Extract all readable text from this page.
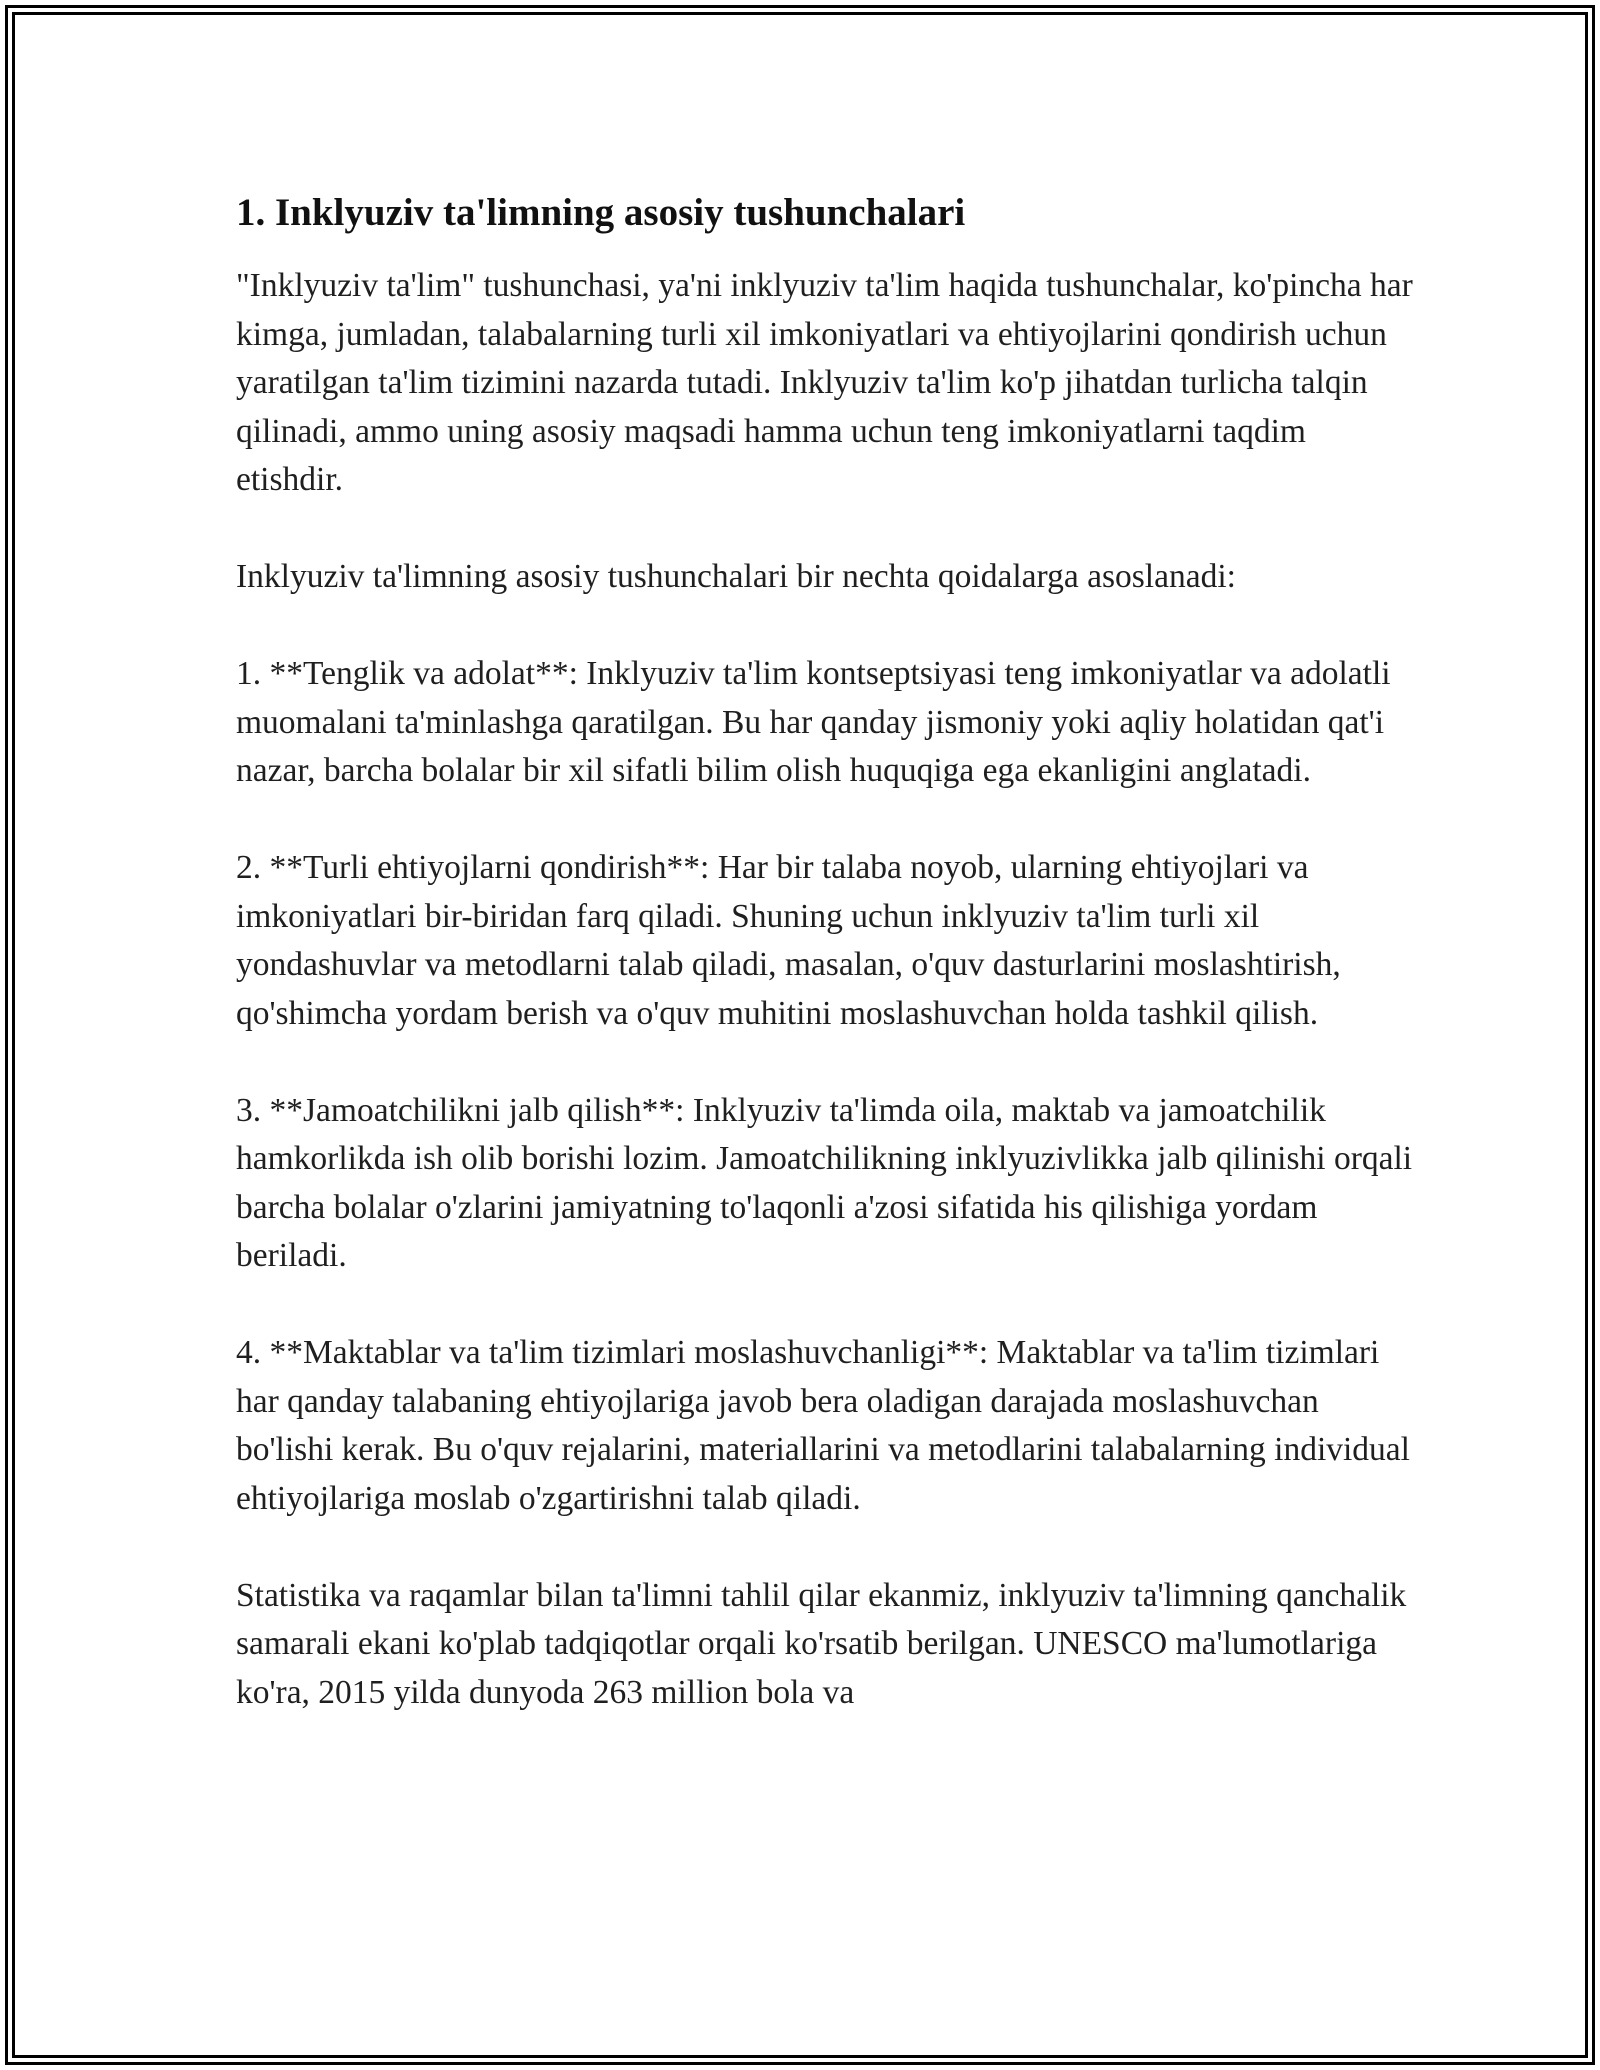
1. Inklyuziv ta'limning asosiy tushunchalari

"Inklyuziv ta'lim" tushunchasi, ya'ni inklyuziv ta'lim haqida tushunchalar, ko'pincha har kimga, jumladan, talabalarning turli xil imkoniyatlari va ehtiyojlarini qondirish uchun yaratilgan ta'lim tizimini nazarda tutadi. Inklyuziv ta'lim ko'p jihatdan turlicha talqin qilinadi, ammo uning asosiy maqsadi hamma uchun teng imkoniyatlarni taqdim etishdir.

Inklyuziv ta'limning asosiy tushunchalari bir nechta qoidalarga asoslanadi:

1. **Tenglik va adolat**: Inklyuziv ta'lim kontseptsiyasi teng imkoniyatlar va adolatli muomalani ta'minlashga qaratilgan. Bu har qanday jismoniy yoki aqliy holatidan qat'i nazar, barcha bolalar bir xil sifatli bilim olish huquqiga ega ekanligini anglatadi.

2. **Turli ehtiyojlarni qondirish**: Har bir talaba noyob, ularning ehtiyojlari va imkoniyatlari bir-biridan farq qiladi. Shuning uchun inklyuziv ta'lim turli xil yondashuvlar va metodlarni talab qiladi, masalan, o'quv dasturlarini moslashtirish, qo'shimcha yordam berish va o'quv muhitini moslashuvchan holda tashkil qilish.

3. **Jamoatchilikni jalb qilish**: Inklyuziv ta'limda oila, maktab va jamoatchilik hamkorlikda ish olib borishi lozim. Jamoatchilikning inklyuzivlikka jalb qilinishi orqali barcha bolalar o'zlarini jamiyatning to'laqonli a'zosi sifatida his qilishiga yordam beriladi.

4. **Maktablar va ta'lim tizimlari moslashuvchanligi**: Maktablar va ta'lim tizimlari har qanday talabaning ehtiyojlariga javob bera oladigan darajada moslashuvchan bo'lishi kerak. Bu o'quv rejalarini, materiallarini va metodlarini talabalarning individual ehtiyojlariga moslab o'zgartirishni talab qiladi.

Statistika va raqamlar bilan ta'limni tahlil qilar ekanmiz, inklyuziv ta'limning qanchalik samarali ekani ko'plab tadqiqotlar orqali ko'rsatib berilgan. UNESCO ma'lumotlariga ko'ra, 2015 yilda dunyoda 263 million bola va
